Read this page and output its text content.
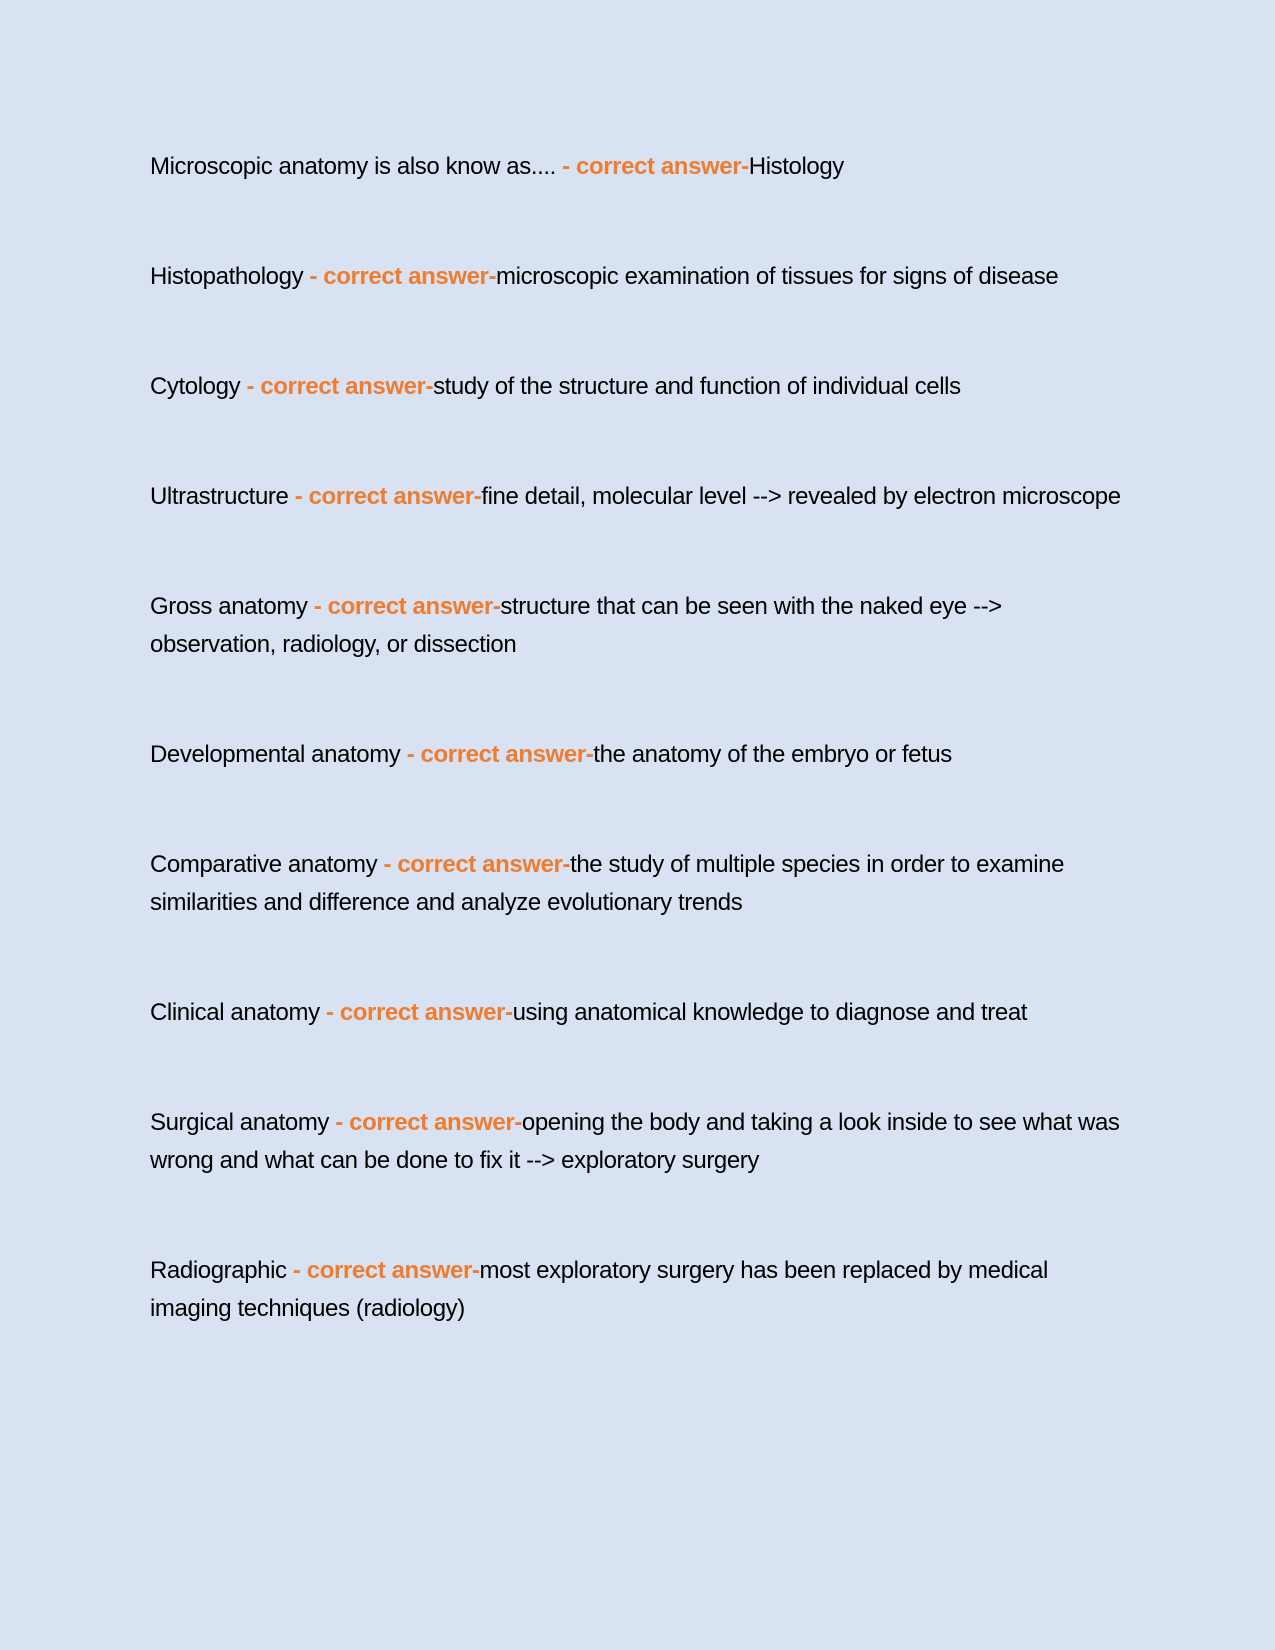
Microscopic anatomy is also know as.... - correct answer-Histology

Histopathology - correct answer-microscopic examination of tissues for signs of disease

Cytology - correct answer-study of the structure and function of individual cells

Ultrastructure - correct answer-fine detail, molecular level --> revealed by electron microscope

Gross anatomy - correct answer-structure that can be seen with the naked eye --> observation, radiology, or dissection

Developmental anatomy - correct answer-the anatomy of the embryo or fetus

Comparative anatomy - correct answer-the study of multiple species in order to examine similarities and difference and analyze evolutionary trends

Clinical anatomy - correct answer-using anatomical knowledge to diagnose and treat

Surgical anatomy - correct answer-opening the body and taking a look inside to see what was wrong and what can be done to fix it --> exploratory surgery

Radiographic - correct answer-most exploratory surgery has been replaced by medical imaging techniques (radiology)
